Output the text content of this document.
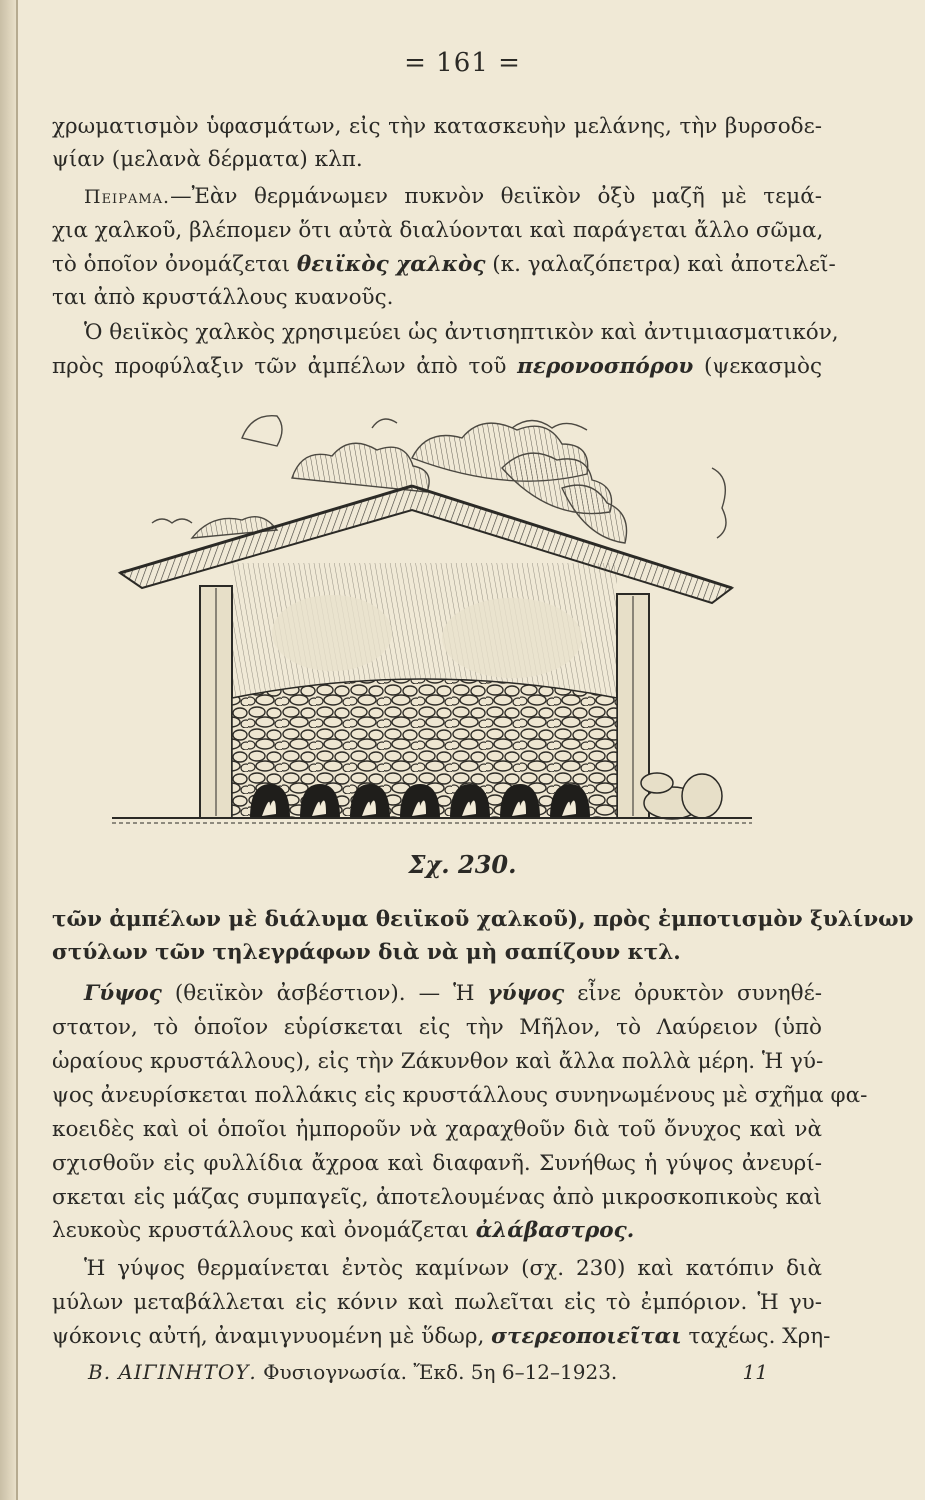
= 161 =
χρωματισμὸν ὑφασμάτων, εἰς τὴν κατασκευὴν μελάνης, τὴν βυρσοδε-
ψίαν (μελανὰ δέρματα) κλπ.
Πειραμα.—Ἐὰν θερμάνωμεν πυκνὸν θειϊκὸν ὀξὺ μαζῆ μὲ τεμά-
χια χαλκοῦ, βλέπομεν ὅτι αὐτὰ διαλύονται καὶ παράγεται ἄλλο σῶμα,
τὸ ὁποῖον ὀνομάζεται θειϊκὸς χαλκὸς (κ. γαλαζόπετρα) καὶ ἀποτελεῖ-
ται ἀπὸ κρυστάλλους κυανοῦς.
Ὁ θειϊκὸς χαλκὸς χρησιμεύει ὡς ἀντισηπτικὸν καὶ ἀντιμιασματικόν,
πρὸς προφύλαξιν τῶν ἀμπέλων ἀπὸ τοῦ περονοσπόρου (ψεκασμὸς
Σχ. 230.
τῶν ἀμπέλων μὲ διάλυμα θειϊκοῦ χαλκοῦ), πρὸς ἐμποτισμὸν ξυλίνων
στύλων τῶν τηλεγράφων διὰ νὰ μὴ σαπίζουν κτλ.
Γύψος (θειϊκὸν ἀσβέστιον). — Ἡ γύψος εἶνε ὀρυκτὸν συνηθέ-
στατον, τὸ ὁποῖον εὑρίσκεται εἰς τὴν Μῆλον, τὸ Λαύρειον (ὑπὸ
ὡραίους κρυστάλλους), εἰς τὴν Ζάκυνθον καὶ ἄλλα πολλὰ μέρη. Ἡ γύ-
ψος ἀνευρίσκεται πολλάκις εἰς κρυστάλλους συνηνωμένους μὲ σχῆμα φα-
κοειδὲς καὶ οἱ ὁποῖοι ἠμποροῦν νὰ χαραχθοῦν διὰ τοῦ ὄνυχος καὶ νὰ
σχισθοῦν εἰς φυλλίδια ἄχροα καὶ διαφανῆ. Συνήθως ἡ γύψος ἀνευρί-
σκεται εἰς μάζας συμπαγεῖς, ἀποτελουμένας ἀπὸ μικροσκοπικοὺς καὶ
λευκοὺς κρυστάλλους καὶ ὀνομάζεται ἀλάβαστρος.
Ἡ γύψος θερμαίνεται ἐντὸς καμίνων (σχ. 230) καὶ κατόπιν διὰ
μύλων μεταβάλλεται εἰς κόνιν καὶ πωλεῖται εἰς τὸ ἐμπόριον. Ἡ γυ-
ψόκονις αὐτή, ἀναμιγνυομένη μὲ ὕδωρ, στερεοποιεῖται ταχέως. Χρη-
Β. ΑΙΓΙΝΗΤΟΥ. Φυσιογνωσία. Ἔκδ. 5η 6–12–1923.	11
